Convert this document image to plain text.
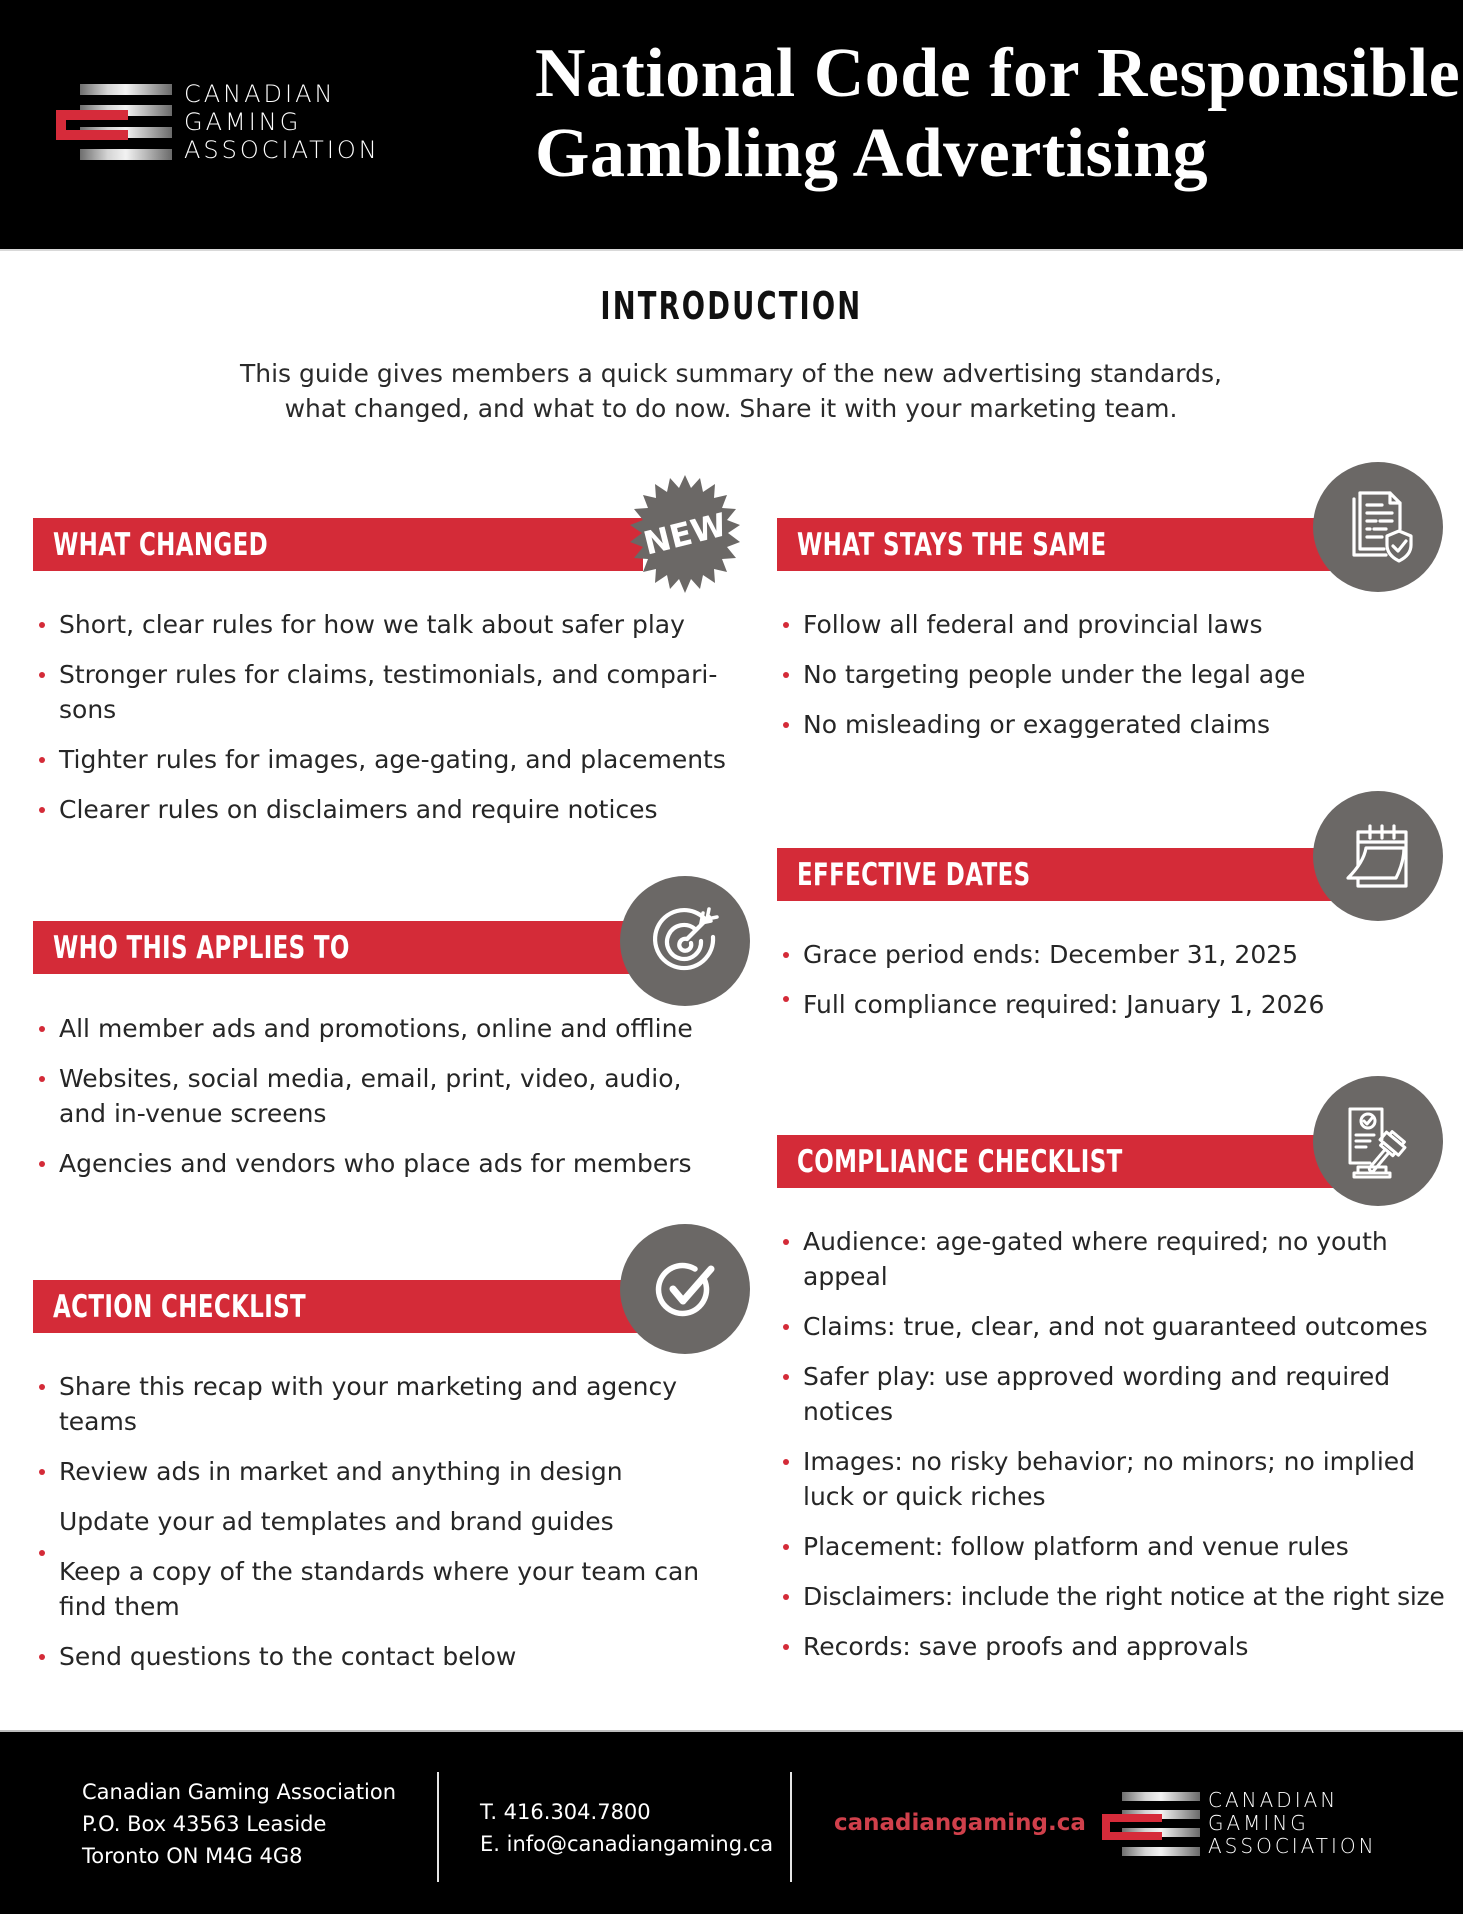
CANADIAN
GAMING
ASSOCIATION
National Code for Responsible
Gambling Advertising
INTRODUCTION

This guide gives members a quick summary of the new advertising standards,
what changed, and what to do now. Share it with your marketing team.

WHAT CHANGED	NEW
Short, clear rules for how we talk about safer play
Stronger rules for claims, testimonials, and compari-sons
Tighter rules for images, age-gating, and placements
Clearer rules on disclaimers and require notices
WHAT STAYS THE SAME
Follow all federal and provincial laws
No targeting people under the legal age
No misleading or exaggerated claims
EFFECTIVE DATES
Grace period ends: December 31, 2025
Full compliance required: January 1, 2026
WHO THIS APPLIES TO
All member ads and promotions, online and offline
Websites, social media, email, print, video, audio, and in-venue screens
Agencies and vendors who place ads for members	COMPLIANCE CHECKLIST
Audience: age-gated where required; no youth appeal
Claims: true, clear, and not guaranteed outcomes
Safer play: use approved wording and required notices
Images: no risky behavior; no minors; no implied luck or quick riches
Placement: follow platform and venue rules
Disclaimers: include the right notice at the right size
Records: save proofs and approvals
ACTION CHECKLIST
Share this recap with your marketing and agency teams
Review ads in market and anything in design
Update your ad templates and brand guides
Keep a copy of the standards where your team can find them
Send questions to the contact below
Canadian Gaming Association
P.O. Box 43563 Leaside
Toronto ON M4G 4G8
T. 416.304.7800
E. info@canadiangaming.ca
canadiangaming.ca
CANADIAN
GAMING
ASSOCIATION
